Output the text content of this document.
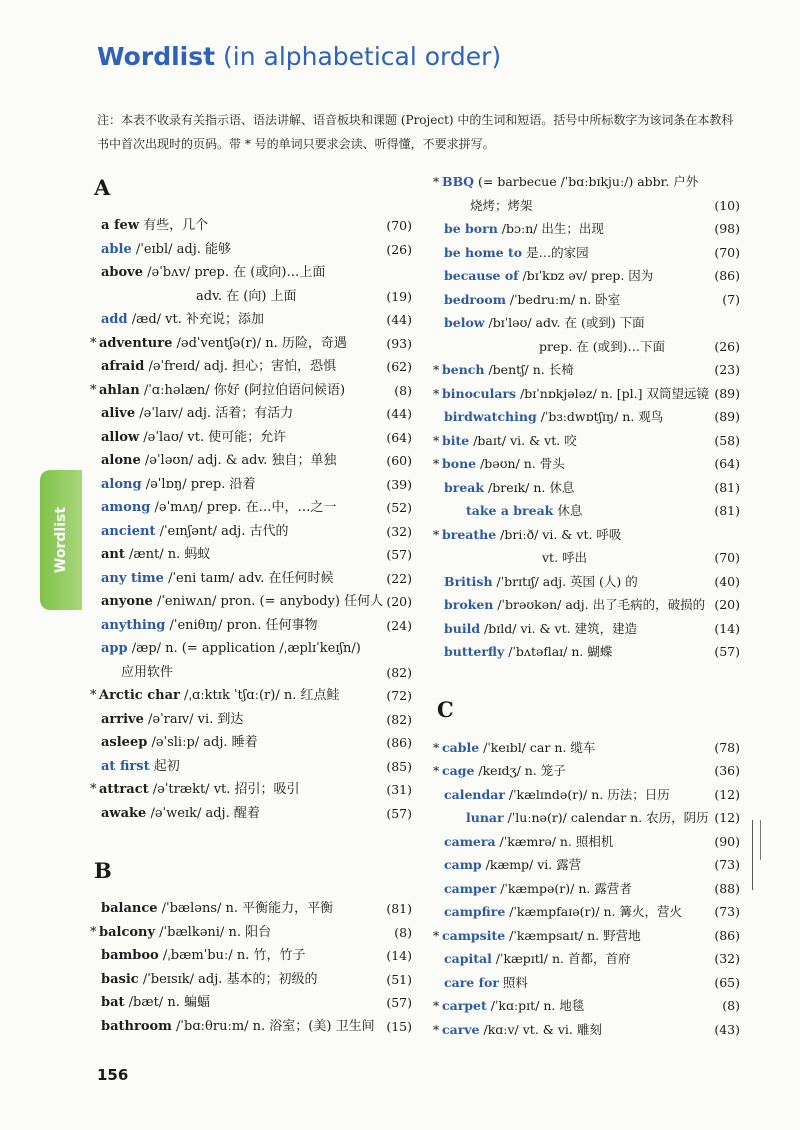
Wordlist (in alphabetical order)
注：本表不收录有关指示语、语法讲解、语音板块和课题 (Project) 中的生词和短语。括号中所标数字为该词条在本教科书中首次出现时的页码。带 * 号的单词只要求会读、听得懂，不要求拼写。
A
a few 有些，几个	(70)
able /ˈeɪbl/ adj. 能够	(26)
above /əˈbʌv/ prep. 在 (或向)…上面
adv. 在 (向) 上面	(19)
add /æd/ vt. 补充说；添加	(44)
* adventure /ədˈventʃə(r)/ n. 历险，奇遇	(93)
afraid /əˈfreɪd/ adj. 担心；害怕，恐惧	(62)
* ahlan /ˈɑːhəlæn/ 你好 (阿拉伯语问候语)	(8)
alive /əˈlaɪv/ adj. 活着；有活力	(44)
allow /əˈlaʊ/ vt. 使可能；允许	(64)
alone /əˈləʊn/ adj. & adv. 独自；单独	(60)
along /əˈlɒŋ/ prep. 沿着	(39)
among /əˈmʌŋ/ prep. 在…中，…之一	(52)
ancient /ˈeɪnʃənt/ adj. 古代的	(32)
ant /ænt/ n. 蚂蚁	(57)
any time /ˈeni taɪm/ adv. 在任何时候	(22)
anyone /ˈeniwʌn/ pron. (= anybody) 任何人 (20)
anything /ˈeniθɪŋ/ pron. 任何事物	(24)
app /æp/ n. (= application /ˌæplɪˈkeɪʃn/)
应用软件	(82)
* Arctic char /ˌɑːktɪk ˈtʃɑː(r)/ n. 红点鲑	(72)
arrive /əˈraɪv/ vi. 到达	(82)
asleep /əˈsliːp/ adj. 睡着	(86)
at first 起初	(85)
* attract /əˈtrækt/ vt. 招引；吸引	(31)
awake /əˈweɪk/ adj. 醒着	(57)
B
balance /ˈbæləns/ n. 平衡能力，平衡	(81)
* balcony /ˈbælkəni/ n. 阳台	(8)
bamboo /ˌbæmˈbuː/ n. 竹，竹子	(14)
basic /ˈbeɪsɪk/ adj. 基本的；初级的	(51)
bat /bæt/ n. 蝙蝠	(57)
bathroom /ˈbɑːθruːm/ n. 浴室；(美) 卫生间 (15)
* BBQ (= barbecue /ˈbɑːbɪkjuː/) abbr. 户外
烧烤；烤架	(10)
be born /bɔːn/ 出生；出现	(98)
be home to 是…的家园	(70)
because of /bɪˈkɒz əv/ prep. 因为	(86)
bedroom /ˈbedruːm/ n. 卧室	(7)
below /bɪˈləʊ/ adv. 在 (或到) 下面
prep. 在 (或到)…下面	(26)
* bench /bentʃ/ n. 长椅	(23)
* binoculars /bɪˈnɒkjələz/ n. [pl.] 双筒望远镜 (89)
birdwatching /ˈbɜːdwɒtʃɪŋ/ n. 观鸟	(89)
* bite /baɪt/ vi. & vt. 咬	(58)
* bone /bəʊn/ n. 骨头	(64)
break /breɪk/ n. 休息	(81)
take a break 休息	(81)
* breathe /briːð/ vi. & vt. 呼吸
vt. 呼出	(70)
British /ˈbrɪtɪʃ/ adj. 英国 (人) 的	(40)
broken /ˈbrəʊkən/ adj. 出了毛病的，破损的 (20)
build /bɪld/ vi. & vt. 建筑，建造	(14)
butterfly /ˈbʌtəflaɪ/ n. 蝴蝶	(57)
C
* cable /ˈkeɪbl/ car n. 缆车	(78)
* cage /keɪdʒ/ n. 笼子	(36)
calendar /ˈkælɪndə(r)/ n. 历法；日历	(12)
lunar /ˈluːnə(r)/ calendar n. 农历，阴历 (12)
camera /ˈkæmrə/ n. 照相机	(90)
camp /kæmp/ vi. 露营	(73)
camper /ˈkæmpə(r)/ n. 露营者	(88)
campfire /ˈkæmpfaɪə(r)/ n. 篝火，营火	(73)
* campsite /ˈkæmpsaɪt/ n. 野营地	(86)
capital /ˈkæpɪtl/ n. 首都，首府	(32)
care for 照料	(65)
* carpet /ˈkɑːpɪt/ n. 地毯	(8)
* carve /kɑːv/ vt. & vi. 雕刻	(43)
Wordlist
156
